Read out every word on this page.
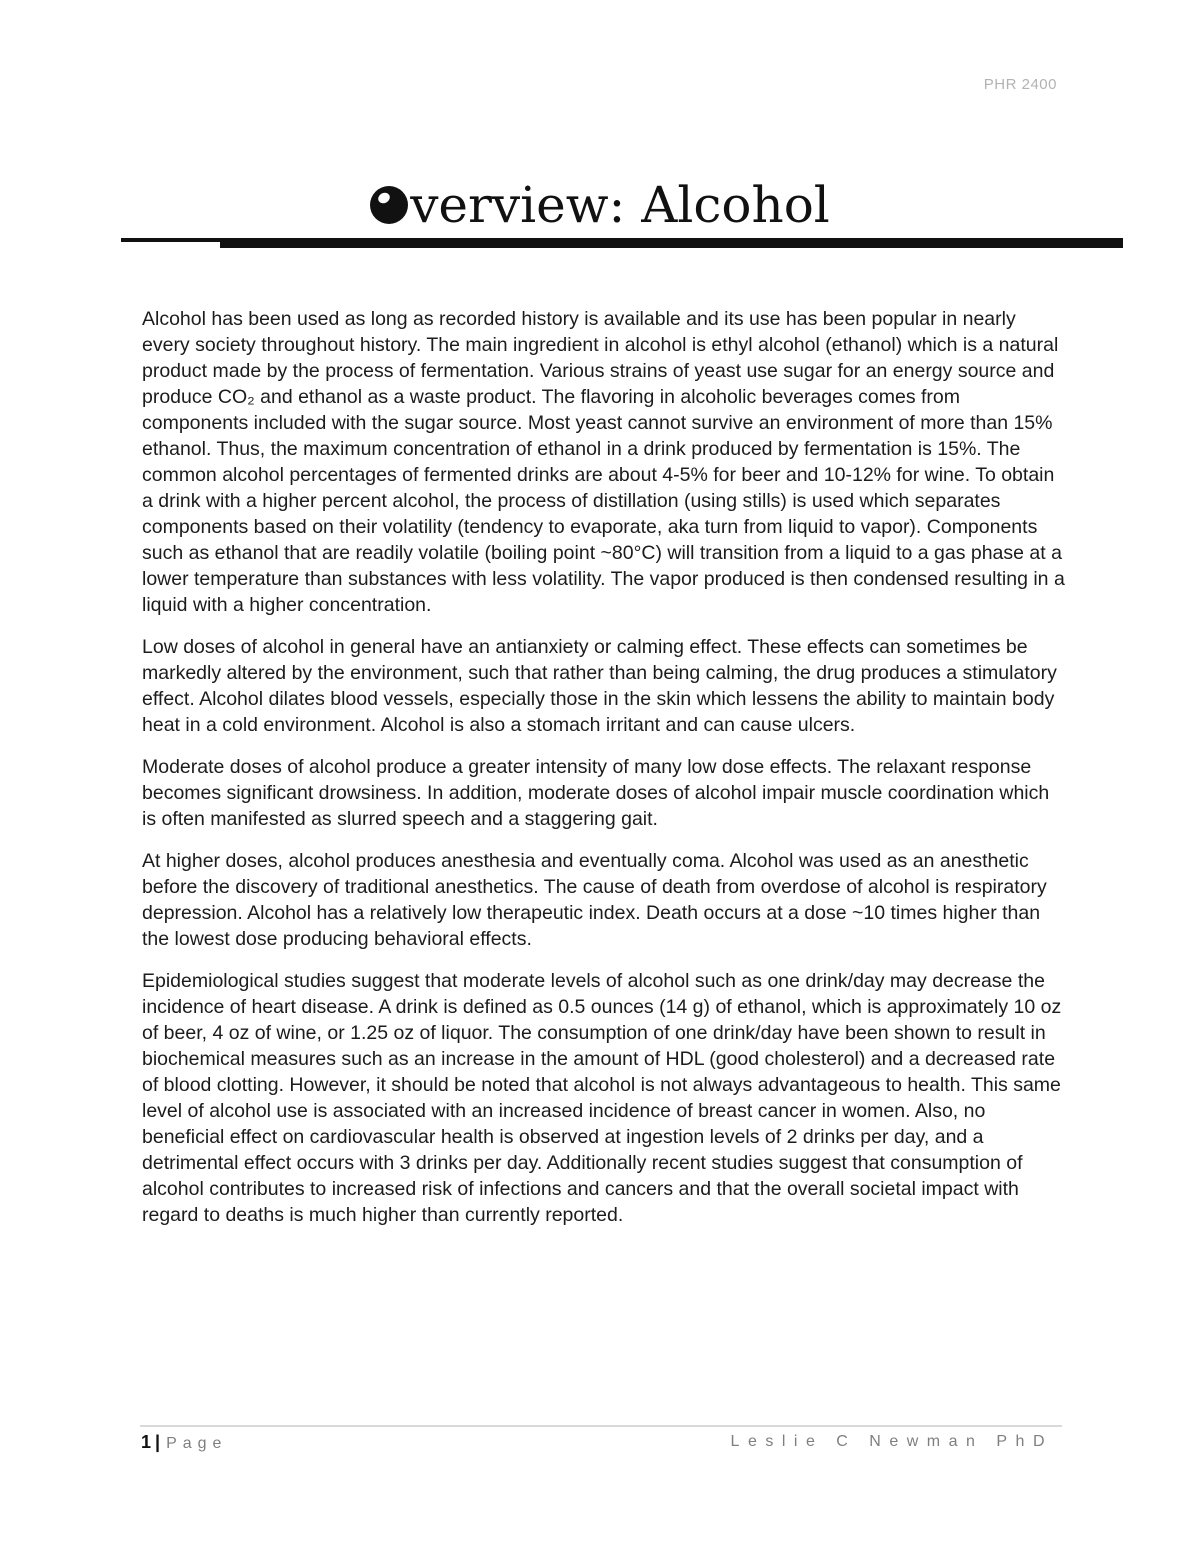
PHR 2400
verview: Alcohol

Alcohol has been used as long as recorded history is available and its use has been popular in nearly every society throughout history. The main ingredient in alcohol is ethyl alcohol (ethanol) which is a natural product made by the process of fermentation. Various strains of yeast use sugar for an energy source and produce CO₂ and ethanol as a waste product. The flavoring in alcoholic beverages comes from components included with the sugar source. Most yeast cannot survive an environment of more than 15% ethanol. Thus, the maximum concentration of ethanol in a drink produced by fermentation is 15%. The common alcohol percentages of fermented drinks are about 4-5% for beer and 10-12% for wine. To obtain a drink with a higher percent alcohol, the process of distillation (using stills) is used which separates components based on their volatility (tendency to evaporate, aka turn from liquid to vapor). Components such as ethanol that are readily volatile (boiling point ~80°C) will transition from a liquid to a gas phase at a lower temperature than substances with less volatility. The vapor produced is then condensed resulting in a liquid with a higher concentration.

Low doses of alcohol in general have an antianxiety or calming effect. These effects can sometimes be markedly altered by the environment, such that rather than being calming, the drug produces a stimulatory effect. Alcohol dilates blood vessels, especially those in the skin which lessens the ability to maintain body heat in a cold environment. Alcohol is also a stomach irritant and can cause ulcers.

Moderate doses of alcohol produce a greater intensity of many low dose effects. The relaxant response becomes significant drowsiness. In addition, moderate doses of alcohol impair muscle coordination which is often manifested as slurred speech and a staggering gait.

At higher doses, alcohol produces anesthesia and eventually coma. Alcohol was used as an anesthetic before the discovery of traditional anesthetics. The cause of death from overdose of alcohol is respiratory depression. Alcohol has a relatively low therapeutic index. Death occurs at a dose ~10 times higher than the lowest dose producing behavioral effects.

Epidemiological studies suggest that moderate levels of alcohol such as one drink/day may decrease the incidence of heart disease. A drink is defined as 0.5 ounces (14 g) of ethanol, which is approximately 10 oz of beer, 4 oz of wine, or 1.25 oz of liquor. The consumption of one drink/day have been shown to result in biochemical measures such as an increase in the amount of HDL (good cholesterol) and a decreased rate of blood clotting. However, it should be noted that alcohol is not always advantageous to health. This same level of alcohol use is associated with an increased incidence of breast cancer in women. Also, no beneficial effect on cardiovascular health is observed at ingestion levels of 2 drinks per day, and a detrimental effect occurs with 3 drinks per day. Additionally recent studies suggest that consumption of alcohol contributes to increased risk of infections and cancers and that the overall societal impact with regard to deaths is much higher than currently reported.

1 | Page	Leslie C Newman PhD
